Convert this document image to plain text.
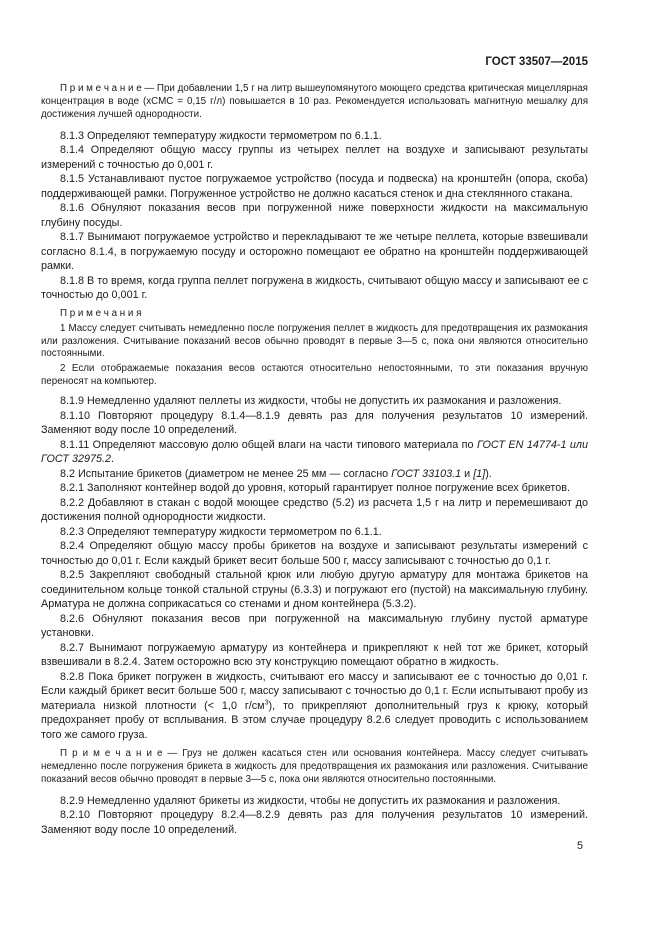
ГОСТ 33507—2015

П р и м е ч а н и е — При добавлении 1,5 г на литр вышеупомянутого моющего средства критическая мицеллярная концентрация в воде (хСМС = 0,15 г/л) повышается в 10 раз. Рекомендуется использовать магнитную мешалку для достижения лучшей однородности.

8.1.3 Определяют температуру жидкости термометром по 6.1.1.

8.1.4 Определяют общую массу группы из четырех пеллет на воздухе и записывают результаты измерений с точностью до 0,001 г.

8.1.5 Устанавливают пустое погружаемое устройство (посуда и подвеска) на кронштейн (опора, скоба) поддерживающей рамки. Погруженное устройство не должно касаться стенок и дна стеклянного стакана.

8.1.6 Обнуляют показания весов при погруженной ниже поверхности жидкости на максимальную глубину посуды.

8.1.7 Вынимают погружаемое устройство и перекладывают те же четыре пеллета, которые взвешивали согласно 8.1.4, в погружаемую посуду и осторожно помещают ее обратно на кронштейн поддерживающей рамки.

8.1.8 В то время, когда группа пеллет погружена в жидкость, считывают общую массу и записывают ее с точностью до 0,001 г.

П р и м е ч а н и я

1 Массу следует считывать немедленно после погружения пеллет в жидкость для предотвращения их размокания или разложения. Считывание показаний весов обычно проводят в первые 3—5 с, пока они являются относительно постоянными.

2 Если отображаемые показания весов остаются относительно непостоянными, то эти показания вручную переносят на компьютер.

8.1.9 Немедленно удаляют пеллеты из жидкости, чтобы не допустить их размокания и разложения.

8.1.10 Повторяют процедуру 8.1.4—8.1.9 девять раз для получения результатов 10 измерений. Заменяют воду после 10 определений.

8.1.11 Определяют массовую долю общей влаги на части типового материала по ГОСТ EN 14774-1 или ГОСТ 32975.2.

8.2 Испытание брикетов (диаметром не менее 25 мм — согласно ГОСТ 33103.1 и [1]).

8.2.1 Заполняют контейнер водой до уровня, который гарантирует полное погружение всех брикетов.

8.2.2 Добавляют в стакан с водой моющее средство (5.2) из расчета 1,5 г на литр и перемешивают до достижения полной однородности жидкости.

8.2.3 Определяют температуру жидкости термометром по 6.1.1.

8.2.4 Определяют общую массу пробы брикетов на воздухе и записывают результаты измерений с точностью до 0,01 г. Если каждый брикет весит больше 500 г, массу записывают с точностью до 0,1 г.

8.2.5 Закрепляют свободный стальной крюк или любую другую арматуру для монтажа брикетов на соединительном кольце тонкой стальной струны (6.3.3) и погружают его (пустой) на максимальную глубину. Арматура не должна соприкасаться со стенами и дном контейнера (5.3.2).

8.2.6 Обнуляют показания весов при погруженной на максимальную глубину пустой арматуре установки.

8.2.7 Вынимают погружаемую арматуру из контейнера и прикрепляют к ней тот же брикет, который взвешивали в 8.2.4. Затем осторожно всю эту конструкцию помещают обратно в жидкость.

8.2.8 Пока брикет погружен в жидкость, считывают его массу и записывают ее с точностью до 0,01 г. Если каждый брикет весит больше 500 г, массу записывают с точностью до 0,1 г. Если испытывают пробу из материала низкой плотности (< 1,0 $г/см^3$), то прикрепляют дополнительный груз к крюку, который предохраняет пробу от всплывания. В этом случае процедуру 8.2.6 следует проводить с использованием того же самого груза.

П р и м е ч а н и е — Груз не должен касаться стен или основания контейнера. Массу следует считывать немедленно после погружения брикета в жидкость для предотвращения их размокания или разложения. Считывание показаний весов обычно проводят в первые 3—5 с, пока они являются относительно постоянными.

8.2.9 Немедленно удаляют брикеты из жидкости, чтобы не допустить их размокания и разложения.

8.2.10 Повторяют процедуру 8.2.4—8.2.9 девять раз для получения результатов 10 измерений. Заменяют воду после 10 определений.

5
